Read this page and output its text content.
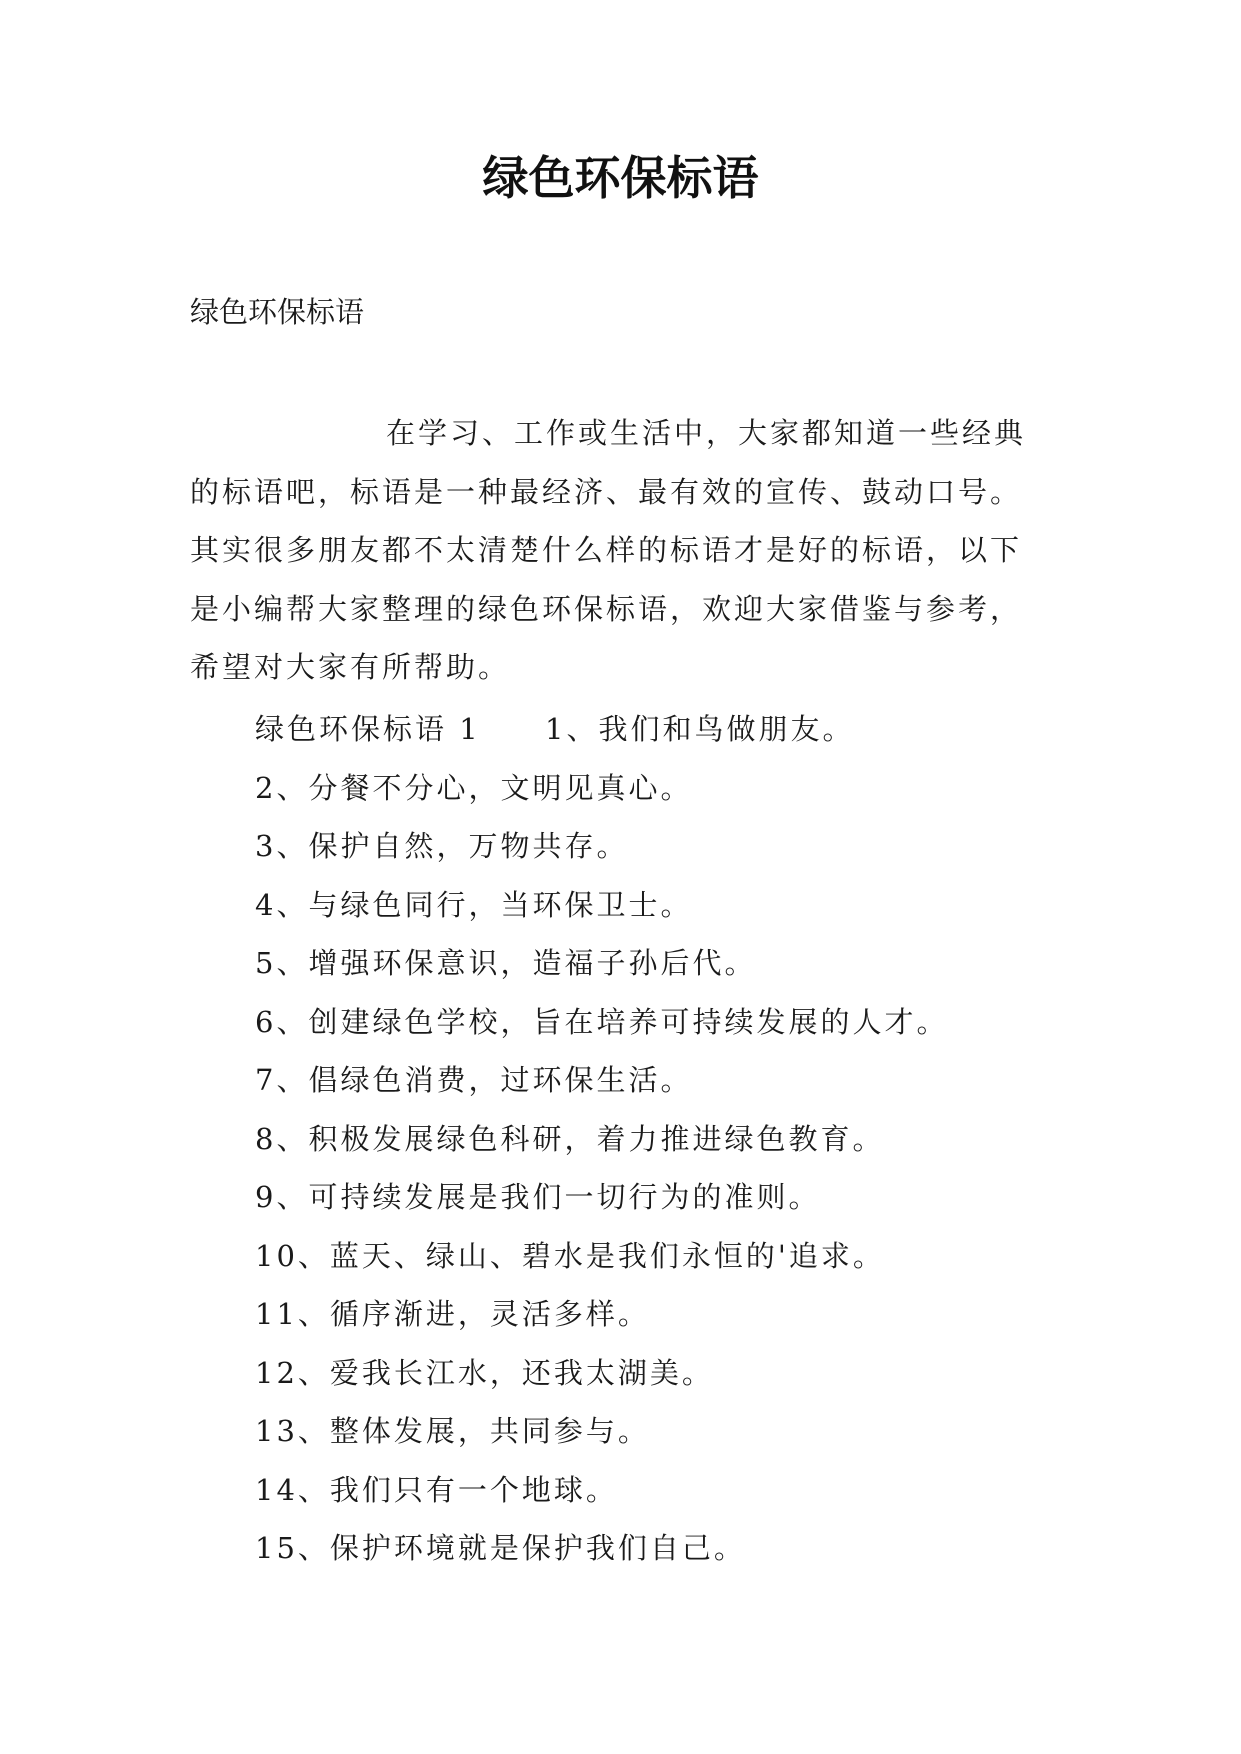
绿色环保标语
绿色环保标语

在学习、工作或生活中，大家都知道一些经典
的标语吧，标语是一种最经济、最有效的宣传、鼓动口号。
其实很多朋友都不太清楚什么样的标语才是好的标语，以下
是小编帮大家整理的绿色环保标语，欢迎大家借鉴与参考，
希望对大家有所帮助。

绿色环保标语 1 1、我们和鸟做朋友。
2、分餐不分心，文明见真心。
3、保护自然，万物共存。
4、与绿色同行，当环保卫士。
5、增强环保意识，造福子孙后代。
6、创建绿色学校，旨在培养可持续发展的人才。
7、倡绿色消费，过环保生活。
8、积极发展绿色科研，着力推进绿色教育。
9、可持续发展是我们一切行为的准则。
10、蓝天、绿山、碧水是我们永恒的'追求。
11、循序渐进，灵活多样。
12、爱我长江水，还我太湖美。
13、整体发展，共同参与。
14、我们只有一个地球。
15、保护环境就是保护我们自己。
